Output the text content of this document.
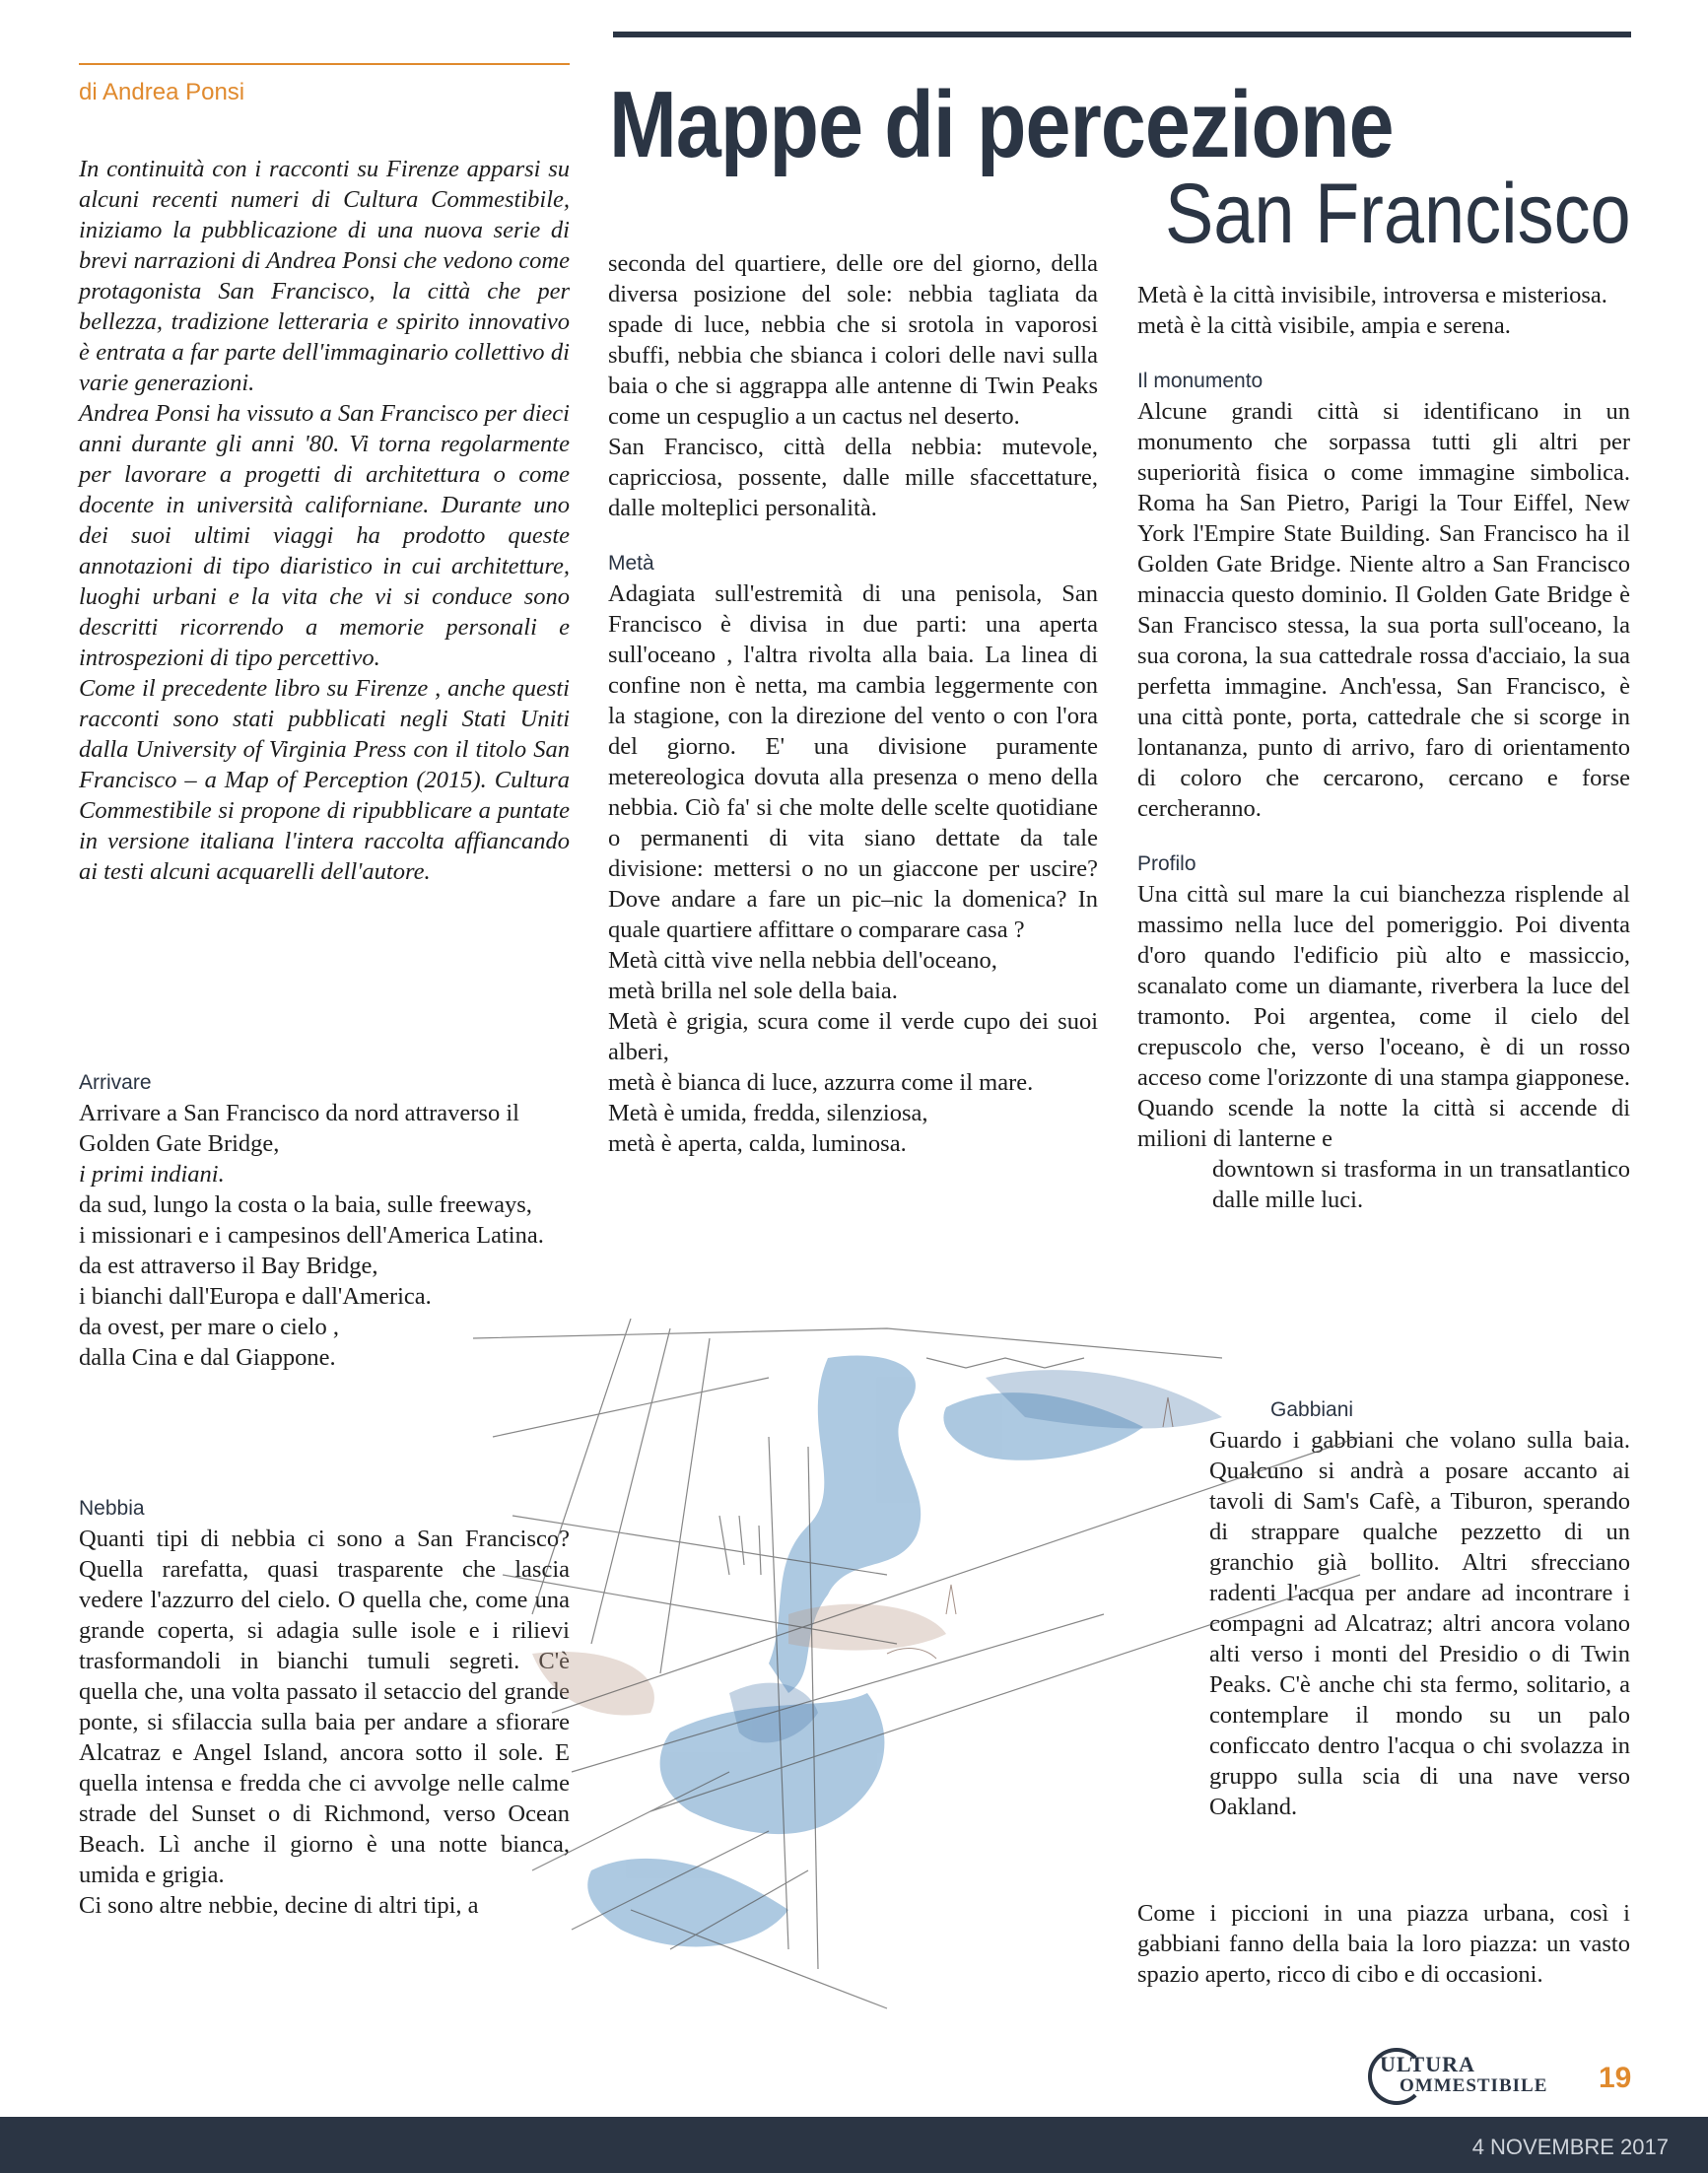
di Andrea Ponsi	Mappe di percezione
San Francisco

In continuità con i racconti su Firenze apparsi su alcuni recenti numeri di Cultura Commestibile, iniziamo la pubblicazione di una nuova serie di brevi narrazioni di Andrea Ponsi che vedono come protagonista San Francisco, la città che per bellezza, tradizione letteraria e spirito innovativo è entrata a far parte dell'immaginario collettivo di varie generazioni.

Andrea Ponsi ha vissuto a San Francisco per dieci anni durante gli anni '80. Vi torna regolarmente per lavorare a progetti di architettura o come docente in università californiane. Durante uno dei suoi ultimi viaggi ha prodotto queste annotazioni di tipo diaristico in cui architetture, luoghi urbani e la vita che vi si conduce sono descritti ricorrendo a memorie personali e introspezioni di tipo percettivo.

Come il precedente libro su Firenze , anche questi racconti sono stati pubblicati negli Stati Uniti dalla University of Virginia Press con il titolo San Francisco – a Map of Perception (2015). Cultura Commestibile si propone di ripubblicare a puntate in versione italiana l'intera raccolta affiancando ai testi alcuni acquarelli dell'autore.

Arrivare

Arrivare a San Francisco da nord attraverso il Golden Gate Bridge,

i primi indiani.

da sud, lungo la costa o la baia, sulle freeways,

i missionari e i campesinos dell'America Latina.

da est attraverso il Bay Bridge,

i bianchi dall'Europa e dall'America.

da ovest, per mare o cielo ,

dalla Cina e dal Giappone.

Nebbia

Quanti tipi di nebbia ci sono a San Francisco? Quella rarefatta, quasi trasparente che lascia vedere l'azzurro del cielo. O quella che, come una grande coperta, si adagia sulle isole e i rilievi trasformandoli in bianchi tumuli segreti. C'è quella che, una volta passato il setaccio del grande ponte, si sfilaccia sulla baia per andare a sfiorare Alcatraz e Angel Island, ancora sotto il sole. E quella intensa e fredda che ci avvolge nelle calme strade del Sunset o di Richmond, verso Ocean Beach. Lì anche il giorno è una notte bianca, umida e grigia.

Ci sono altre nebbie, decine di altri tipi, a

seconda del quartiere, delle ore del giorno, della diversa posizione del sole: nebbia tagliata da spade di luce, nebbia che si srotola in vaporosi sbuffi, nebbia che sbianca i colori delle navi sulla baia o che si aggrappa alle antenne di Twin Peaks come un cespuglio a un cactus nel deserto.

San Francisco, città della nebbia: mutevole, capricciosa, possente, dalle mille sfaccettature, dalle molteplici personalità.

Metà

Adagiata sull'estremità di una penisola, San Francisco è divisa in due parti: una aperta sull'oceano , l'altra rivolta alla baia. La linea di confine non è netta, ma cambia leggermente con la stagione, con la direzione del vento o con l'ora del giorno. E' una divisione puramente metereologica dovuta alla presenza o meno della nebbia. Ciò fa' si che molte delle scelte quotidiane o permanenti di vita siano dettate da tale divisione: mettersi o no un giaccone per uscire? Dove andare a fare un pic–nic la domenica? In quale quartiere affittare o comparare casa ?

Metà città vive nella nebbia dell'oceano,

metà brilla nel sole della baia.

Metà è grigia, scura come il verde cupo dei suoi alberi,

metà è bianca di luce, azzurra come il mare.

Metà è umida, fredda, silenziosa,

metà è aperta, calda, luminosa.

Metà è la città invisibile, introversa e misteriosa.

metà è la città visibile, ampia e serena.

Il monumento

Alcune grandi città si identificano in un monumento che sorpassa tutti gli altri per superiorità fisica o come immagine simbolica. Roma ha San Pietro, Parigi la Tour Eiffel, New York l'Empire State Building. San Francisco ha il Golden Gate Bridge. Niente altro a San Francisco minaccia questo dominio. Il Golden Gate Bridge è San Francisco stessa, la sua porta sull'oceano, la sua corona, la sua cattedrale rossa d'acciaio, la sua perfetta immagine. Anch'essa, San Francisco, è una città ponte, porta, cattedrale che si scorge in lontananza, punto di arrivo, faro di orientamento di coloro che cercarono, cercano e forse cercheranno.

Profilo

Una città sul mare la cui bianchezza risplende al massimo nella luce del pomeriggio. Poi diventa d'oro quando l'edificio più alto e massiccio, scanalato come un diamante, riverbera la luce del tramonto. Poi argentea, come il cielo del crepuscolo che, verso l'oceano, è di un rosso acceso come l'orizzonte di una stampa giapponese. Quando scende la notte la città si accende di milioni di lanterne e

downtown si trasforma in un transatlantico dalle mille luci.

Gabbiani

Guardo i gabbiani che volano sulla baia. Qualcuno si andrà a posare accanto ai tavoli di Sam's Cafè, a Tiburon, sperando di strappare qualche pezzetto di un granchio già bollito. Altri sfrecciano radenti l'acqua per andare ad incontrare i compagni ad Alcatraz; altri ancora volano alti verso i monti del Presidio o di Twin Peaks. C'è anche chi sta fermo, solitario, a contemplare il mondo su un palo conficcato dentro l'acqua o chi svolazza in gruppo sulla scia di una nave verso Oakland.

Come i piccioni in una piazza urbana, così i gabbiani fanno della baia la loro piazza: un vasto spazio aperto, ricco di cibo e di occasioni.

ULTURA
OMMESTIBILE 19
4 NOVEMBRE 2017
